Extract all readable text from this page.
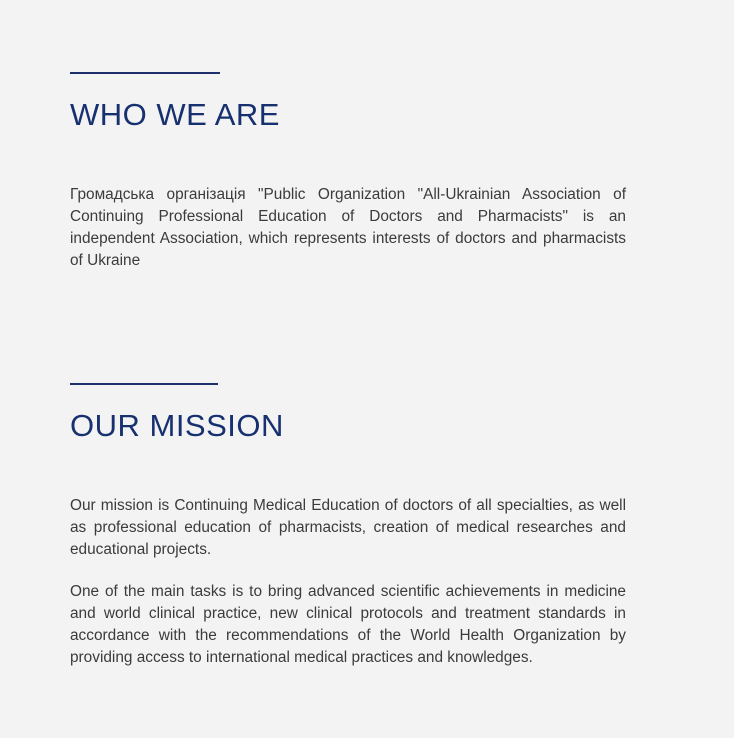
WHO WE ARE

Громадська організація "Public Organization "All-Ukrainian Association of Continuing Professional Education of Doctors and Pharmacists" is an independent Association, which represents interests of doctors and pharmacists of Ukraine

OUR MISSION

Our mission is Continuing Medical Education of doctors of all specialties, as well as professional education of pharmacists, creation of medical researches and educational projects.

One of the main tasks is to bring advanced scientific achievements in medicine and world clinical practice, new clinical protocols and treatment standards in accordance with the recommendations of the World Health Organization by providing access to international medical practices and knowledges.
